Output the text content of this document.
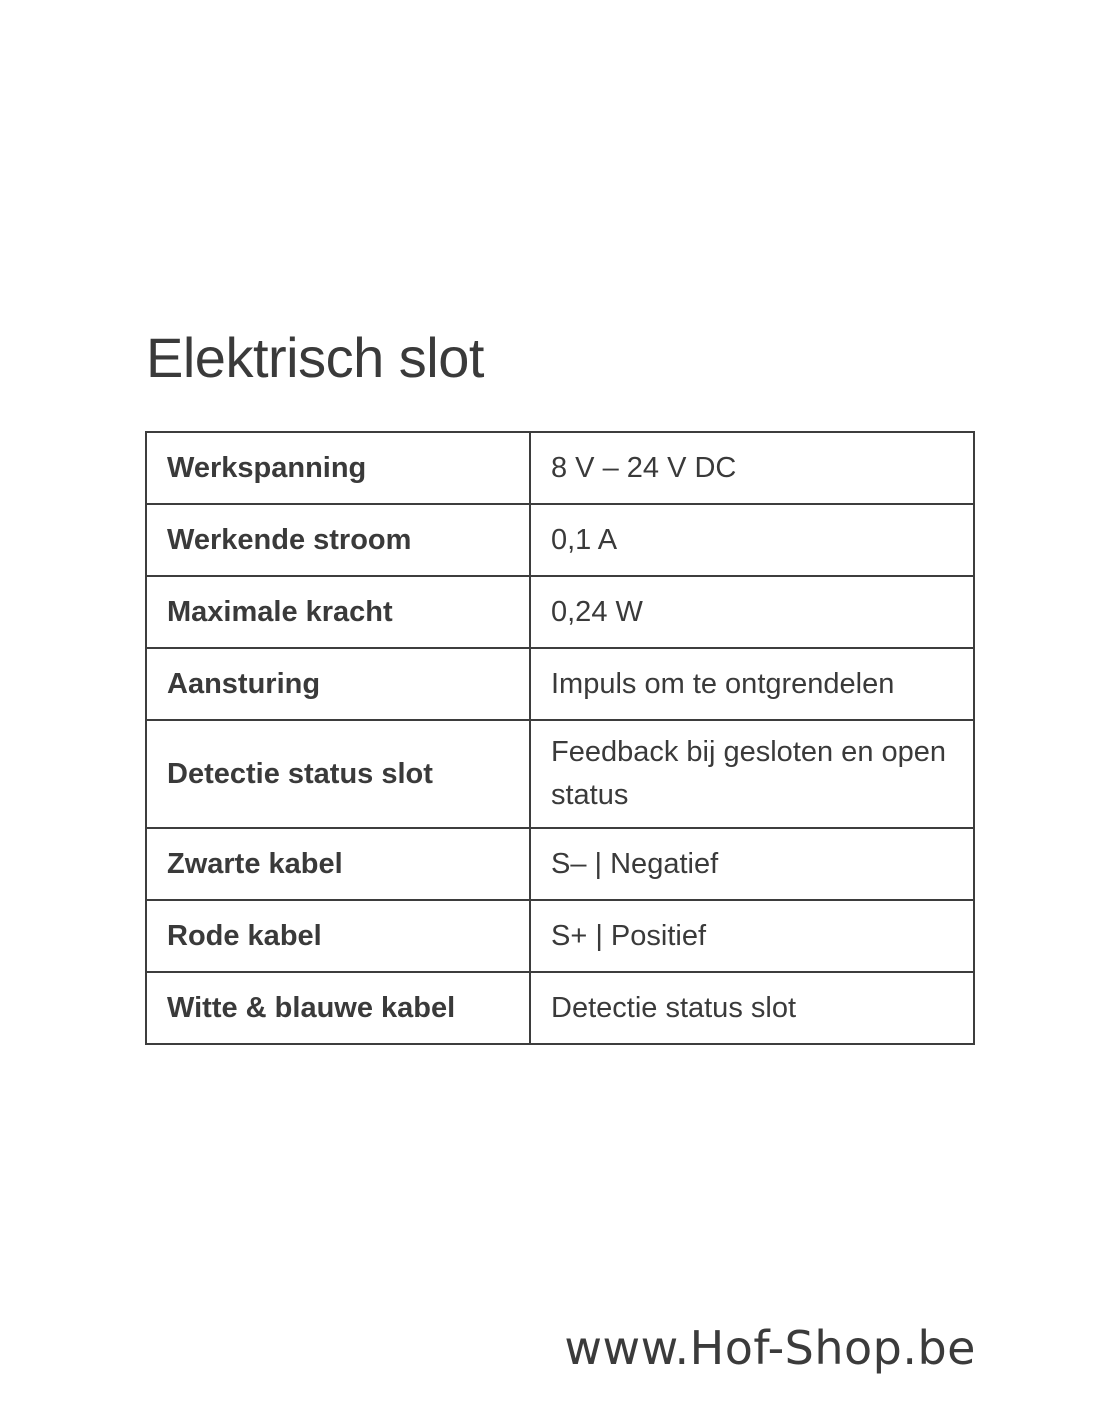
Elektrisch slot
Werkspanning	8 V – 24 V DC
Werkende stroom	0,1 A
Maximale kracht	0,24 W
Aansturing	Impuls om te ontgrendelen
Detectie status slot	Feedback bij gesloten en open status
Zwarte kabel	S– | Negatief
Rode kabel	S+ | Positief
Witte & blauwe kabel	Detectie status slot
www.Hof-Shop.be
